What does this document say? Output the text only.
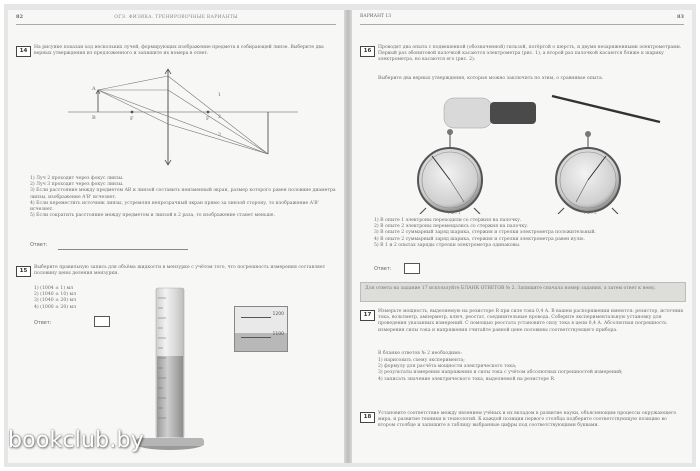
82	ОГЭ. ФИЗИКА. ТРЕНИРОВОЧНЫЕ ВАРИАНТЫ
14

На рисунке показан ход нескольких лучей, формирующих изображение предмета в собирающей линзе. Выберите два верных утверждения из предложенного и запишите их номера в ответ.

F	F
A
B
1
2
3
1) Луч 2 проходит через фокус линзы.
2) Луч 3 проходит через фокус линзы.
3) Если расстояние между предметом AB и линзой составить неизменный экран, размер которого равен половине диаметра линзы, изображение A'B' исчезнет.
4) Если переместить источник линзы, устремляя непрозрачный экран прямо за линзой сторону, то изображение A'B' исчезнет.
5) Если сократить расстояние между предметом и линзой в 2 раза, то изображение станет меньше.
Ответ:
15

Выберите правильную запись для объёма жидкости в мензурке с учётом того, что погрешность измерения составляет половину цены деления мензурки.

1) (1004 ± 1) мл
2) (1040 ± 10) мл
3) (1040 ± 20) мл
4) (1000 ± 20) мл
Ответ:
1200
1100
83
ВАРИАНТ 13
16

Проводят два опыта с подвешенной (обозначенной) гильзой, потёртой о шерсть, и двумя незаряженными электрометрами. Первый раз эбонитовой палочкой касаются электрометра (рис. 1), а второй раз палочкой касаются ближе к шарику электрометра, но касаются его (рис. 2).

Выберите два верных утверждения, которые можно заключить по этим, о сравнивае опыта.

Рис. 1	Рис. 2
1) В опыте 1 электроны переходили со стержня на палочку.
2) В опыте 2 электроны перемещались со стержня на палочку.
3) В опыте 2 суммарный заряд шарика, стержня и стрелки электрометра положительный.
4) В опыте 2 суммарный заряд шарика, стержня и стрелки электрометра равен нулю.
5) В 1 и 2 опытах заряды стрелки электрометра одинаковы.
Ответ:

Для ответа на задание 17 используйте БЛАНК ОТВЕТОВ № 2. Запишите сначала номер задания, а затем ответ к нему.

17

Измерьте мощность, выделяемую на резисторе R при силе тока 0,4 А. В вашем распоряжении имеются: резистор, источник тока, вольтметр, амперметр, ключ, реостат, соединительные провода. Соберите экспериментальную установку для проведения указанных измерений. С помощью реостата установите силу тока в цепи 0,4 А. Абсолютная погрешность измерения силы тока и напряжения считайте равной цене половины соответствующего прибора.

В бланке ответов № 2 необходимо:

1) нарисовать схему эксперимента;
2) формулу для расчёта мощности электрического тока;
3) результаты измерения напряжения и силы тока с учётом абсолютных погрешностей измерений;
4) записать значение электрического тока, выделяемой на резисторе R.
18

Установите соответствие между явлением учёных и их вкладом в развитие науки, объясняющим процессы окружающего мира, и развитие техники и технологий. К каждой позиции первого столбца подберите соответствующую позицию во втором столбце и запишите в таблицу выбранные цифры под соответствующими буквами.

bookclub.by
